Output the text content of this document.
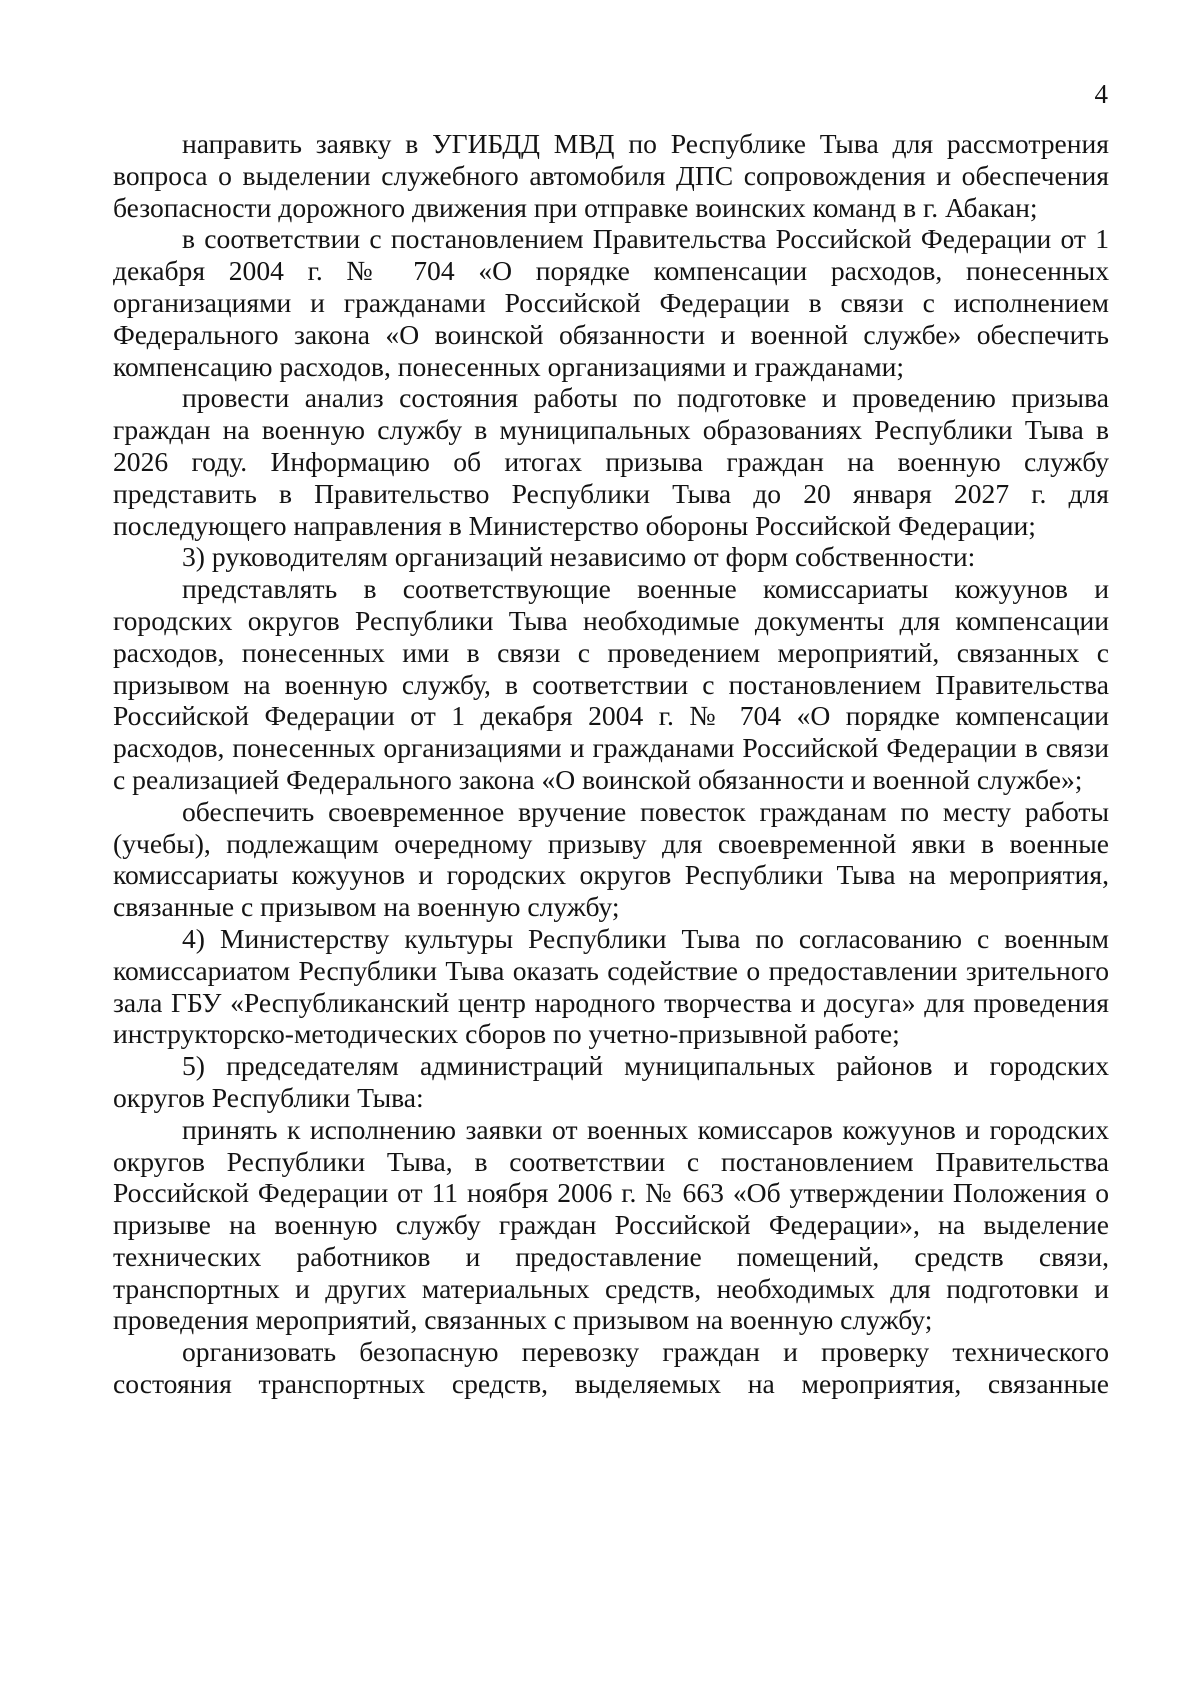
4

направить заявку в УГИБДД МВД по Республике Тыва для рассмотрения вопроса о выделении служебного автомобиля ДПС сопровождения и обеспечения безопасности дорожного движения при отправке воинских команд в г. Абакан;

в соответствии с постановлением Правительства Российской Федерации от 1 декабря 2004 г. № 704 «О порядке компенсации расходов, понесенных организациями и гражданами Российской Федерации в связи с исполнением Федерального закона «О воинской обязанности и военной службе» обеспечить компенсацию расходов, понесенных организациями и гражданами;

провести анализ состояния работы по подготовке и проведению призыва граждан на военную службу в муниципальных образованиях Республики Тыва в 2026 году. Информацию об итогах призыва граждан на военную службу представить в Правительство Республики Тыва до 20 января 2027 г. для последующего направления в Министерство обороны Российской Федерации;

3) руководителям организаций независимо от форм собственности:

представлять в соответствующие военные комиссариаты кожуунов и городских округов Республики Тыва необходимые документы для компенсации расходов, понесенных ими в связи с проведением мероприятий, связанных с призывом на военную службу, в соответствии с постановлением Правительства Российской Федерации от 1 декабря 2004 г. № 704 «О порядке компенсации расходов, понесенных организациями и гражданами Российской Федерации в связи с реализацией Федерального закона «О воинской обязанности и военной службе»;

обеспечить своевременное вручение повесток гражданам по месту работы (учебы), подлежащим очередному призыву для своевременной явки в военные комиссариаты кожуунов и городских округов Республики Тыва на мероприятия, связанные с призывом на военную службу;

4) Министерству культуры Республики Тыва по согласованию с военным комиссариатом Республики Тыва оказать содействие о предоставлении зрительного зала ГБУ «Республиканский центр народного творчества и досуга» для проведения инструкторско-методических сборов по учетно-призывной работе;

5) председателям администраций муниципальных районов и городских округов Республики Тыва:

принять к исполнению заявки от военных комиссаров кожуунов и городских округов Республики Тыва, в соответствии с постановлением Правительства Российской Федерации от 11 ноября 2006 г. № 663 «Об утверждении Положения о призыве на военную службу граждан Российской Федерации», на выделение технических работников и предоставление помещений, средств связи, транспортных и других материальных средств, необходимых для подготовки и проведения мероприятий, связанных с призывом на военную службу;

организовать безопасную перевозку граждан и проверку технического состояния транспортных средств, выделяемых на мероприятия, связанные
